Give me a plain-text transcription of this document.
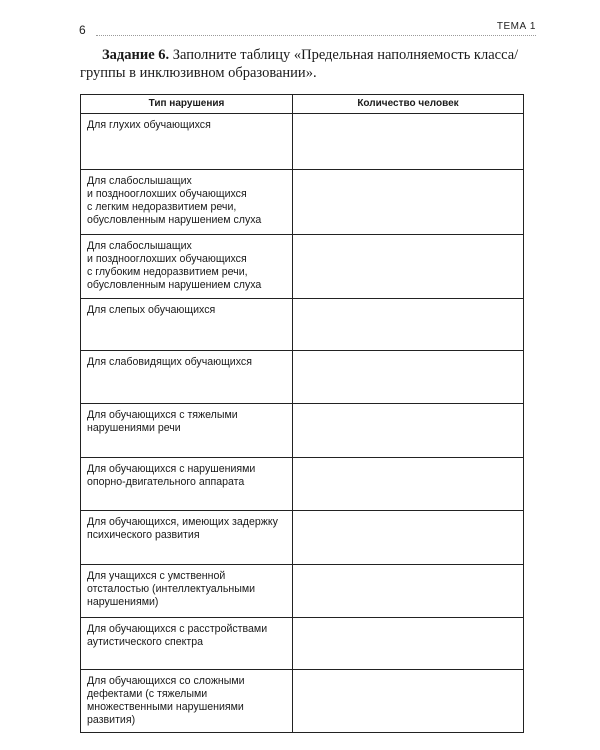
6	ТЕМА 1
Задание 6. Заполните таблицу «Предельная наполняемость класса/
группы в инклюзивном образовании».
Тип нарушения	Количество человек

Для глухих обучающихся	

Для слабослышащих
и позднооглохших обучающихся
с легким недоразвитием речи,
обусловленным нарушением слуха	

Для слабослышащих
и позднооглохших обучающихся
с глубоким недоразвитием речи,
обусловленным нарушением слуха	

Для слепых обучающихся	

Для слабовидящих обучающихся	

Для обучающихся с тяжелыми
нарушениями речи	

Для обучающихся с нарушениями
опорно-двигательного аппарата	

Для обучающихся, имеющих задержку
психического развития	

Для учащихся с умственной
отсталостью (интеллектуальными
нарушениями)	

Для обучающихся с расстройствами
аутистического спектра	

Для обучающихся со сложными
дефектами (с тяжелыми
множественными нарушениями
развития)	
